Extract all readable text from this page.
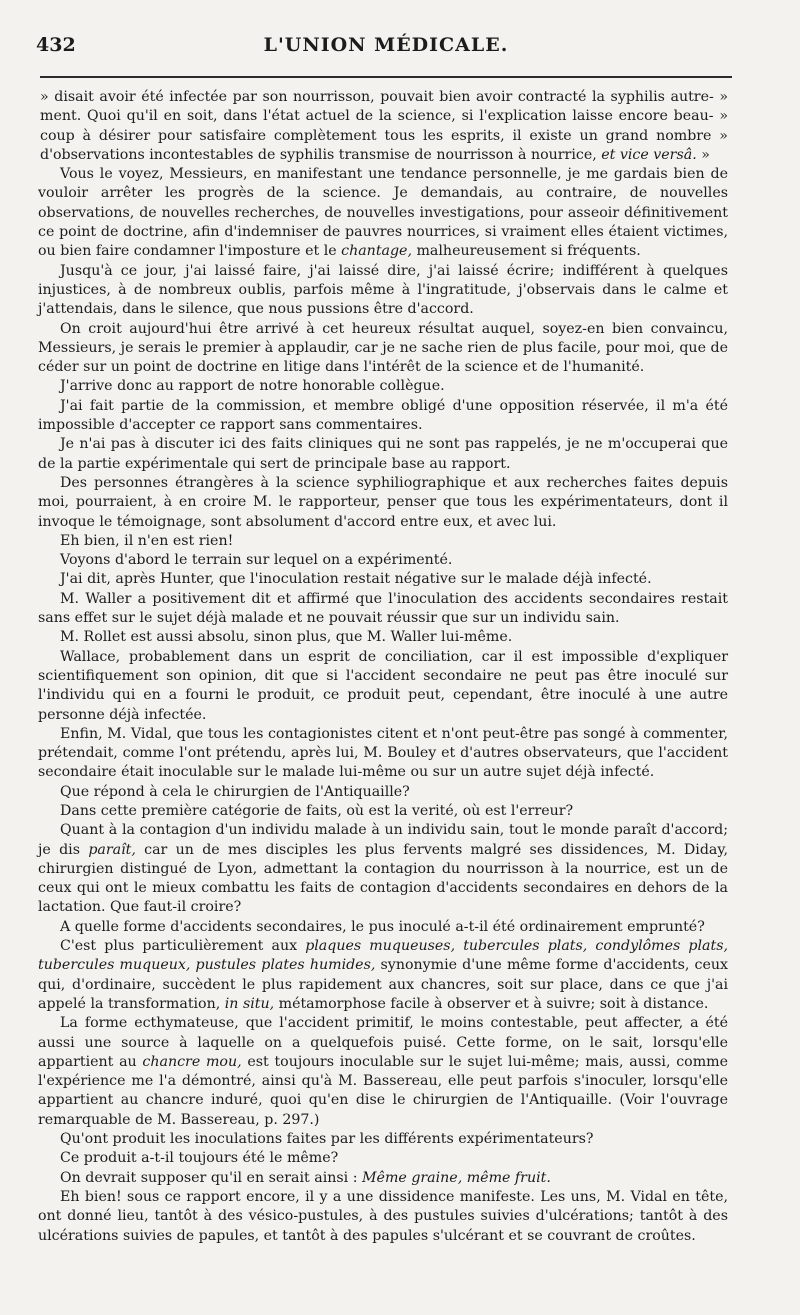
432	L'UNION MÉDICALE.

» disait avoir été infectée par son nourrisson, pouvait bien avoir contracté la syphilis autre- » ment. Quoi qu'il en soit, dans l'état actuel de la science, si l'explication laisse encore beau- » coup à désirer pour satisfaire complètement tous les esprits, il existe un grand nombre » d'observations incontestables de syphilis transmise de nourrisson à nourrice, et vice versâ. »

Vous le voyez, Messieurs, en manifestant une tendance personnelle, je me gardais bien de vouloir arrêter les progrès de la science. Je demandais, au contraire, de nouvelles observations, de nouvelles recherches, de nouvelles investigations, pour asseoir définitivement ce point de doctrine, afin d'indemniser de pauvres nourrices, si vraiment elles étaient victimes, ou bien faire condamner l'imposture et le chantage, malheureusement si fréquents.

Jusqu'à ce jour, j'ai laissé faire, j'ai laissé dire, j'ai laissé écrire; indifférent à quelques injustices, à de nombreux oublis, parfois même à l'ingratitude, j'observais dans le calme et j'attendais, dans le silence, que nous pussions être d'accord.

On croit aujourd'hui être arrivé à cet heureux résultat auquel, soyez-en bien convaincu, Messieurs, je serais le premier à applaudir, car je ne sache rien de plus facile, pour moi, que de céder sur un point de doctrine en litige dans l'intérêt de la science et de l'humanité.

J'arrive donc au rapport de notre honorable collègue.

J'ai fait partie de la commission, et membre obligé d'une opposition réservée, il m'a été impossible d'accepter ce rapport sans commentaires.

Je n'ai pas à discuter ici des faits cliniques qui ne sont pas rappelés, je ne m'occuperai que de la partie expérimentale qui sert de principale base au rapport.

Des personnes étrangères à la science syphiliographique et aux recherches faites depuis moi, pourraient, à en croire M. le rapporteur, penser que tous les expérimentateurs, dont il invoque le témoignage, sont absolument d'accord entre eux, et avec lui.

Eh bien, il n'en est rien!

Voyons d'abord le terrain sur lequel on a expérimenté.

J'ai dit, après Hunter, que l'inoculation restait négative sur le malade déjà infecté.

M. Waller a positivement dit et affirmé que l'inoculation des accidents secondaires restait sans effet sur le sujet déjà malade et ne pouvait réussir que sur un individu sain.

M. Rollet est aussi absolu, sinon plus, que M. Waller lui-même.

Wallace, probablement dans un esprit de conciliation, car il est impossible d'expliquer scientifiquement son opinion, dit que si l'accident secondaire ne peut pas être inoculé sur l'individu qui en a fourni le produit, ce produit peut, cependant, être inoculé à une autre personne déjà infectée.

Enfin, M. Vidal, que tous les contagionistes citent et n'ont peut-être pas songé à commenter, prétendait, comme l'ont prétendu, après lui, M. Bouley et d'autres observateurs, que l'accident secondaire était inoculable sur le malade lui-même ou sur un autre sujet déjà infecté.

Que répond à cela le chirurgien de l'Antiquaille?

Dans cette première catégorie de faits, où est la verité, où est l'erreur?

Quant à la contagion d'un individu malade à un individu sain, tout le monde paraît d'accord; je dis paraît, car un de mes disciples les plus fervents malgré ses dissidences, M. Diday, chirurgien distingué de Lyon, admettant la contagion du nourrisson à la nourrice, est un de ceux qui ont le mieux combattu les faits de contagion d'accidents secondaires en dehors de la lactation. Que faut-il croire?

A quelle forme d'accidents secondaires, le pus inoculé a-t-il été ordinairement emprunté?

C'est plus particulièrement aux plaques muqueuses, tubercules plats, condylômes plats, tubercules muqueux, pustules plates humides, synonymie d'une même forme d'accidents, ceux qui, d'ordinaire, succèdent le plus rapidement aux chancres, soit sur place, dans ce que j'ai appelé la transformation, in situ, métamorphose facile à observer et à suivre; soit à distance.

La forme ecthymateuse, que l'accident primitif, le moins contestable, peut affecter, a été aussi une source à laquelle on a quelquefois puisé. Cette forme, on le sait, lorsqu'elle appartient au chancre mou, est toujours inoculable sur le sujet lui-même; mais, aussi, comme l'expérience me l'a démontré, ainsi qu'à M. Bassereau, elle peut parfois s'inoculer, lorsqu'elle appartient au chancre induré, quoi qu'en dise le chirurgien de l'Antiquaille. (Voir l'ouvrage remarquable de M. Bassereau, p. 297.)

Qu'ont produit les inoculations faites par les différents expérimentateurs?

Ce produit a-t-il toujours été le même?

On devrait supposer qu'il en serait ainsi : Même graine, même fruit.

Eh bien! sous ce rapport encore, il y a une dissidence manifeste. Les uns, M. Vidal en tête, ont donné lieu, tantôt à des vésico-pustules, à des pustules suivies d'ulcérations; tantôt à des ulcérations suivies de papules, et tantôt à des papules s'ulcérant et se couvrant de croûtes.
